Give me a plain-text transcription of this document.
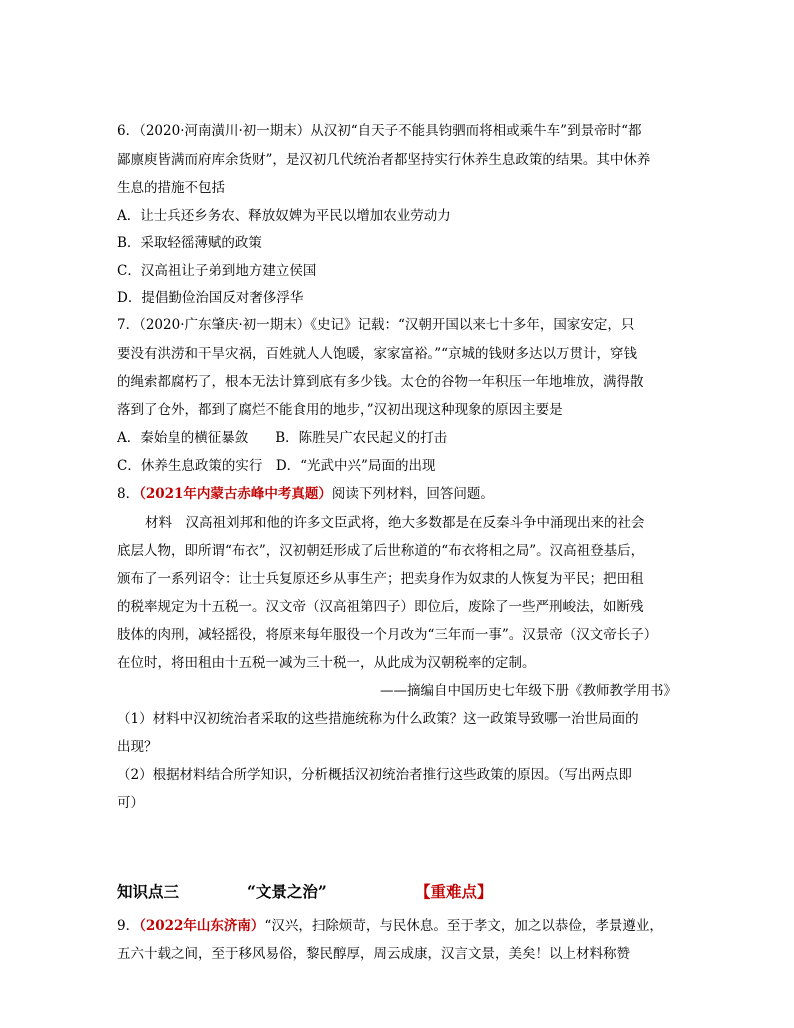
6．（2020·河南潢川·初一期末）从汉初“自天子不能具钧驷而将相或乘牛车”到景帝时“都
鄙廪庾皆满而府库余货财”，是汉初几代统治者都坚持实行休养生息政策的结果。其中休养
生息的措施不包括
A．让士兵还乡务农、释放奴婢为平民以增加农业劳动力
B．采取轻徭薄赋的政策
C．汉高祖让子弟到地方建立侯国
D．提倡勤俭治国反对奢侈浮华
7．（2020·广东肇庆·初一期末）《史记》记载：“汉朝开国以来七十多年，国家安定，只
要没有洪涝和干旱灾祸，百姓就人人饱暖，家家富裕。”“京城的钱财多达以万贯计，穿钱
的绳索都腐朽了，根本无法计算到底有多少钱。太仓的谷物一年积压一年地堆放，满得散
落到了仓外，都到了腐烂不能食用的地步，”汉初出现这种现象的原因主要是
A．秦始皇的横征暴敛　　B．陈胜吴广农民起义的打击
C．休养生息政策的实行　D．“光武中兴”局面的出现
8．（2021年内蒙古赤峰中考真题）阅读下列材料，回答问题。
材料　汉高祖刘邦和他的许多文臣武将，绝大多数都是在反秦斗争中涌现出来的社会
底层人物，即所谓“布衣”，汉初朝廷形成了后世称道的“布衣将相之局”。汉高祖登基后，
颁布了一系列诏令：让士兵复原还乡从事生产；把卖身作为奴隶的人恢复为平民；把田租
的税率规定为十五税一。汉文帝（汉高祖第四子）即位后，废除了一些严刑峻法，如断残
肢体的肉刑，减轻摇役，将原来每年服役一个月改为“三年而一事”。汉景帝（汉文帝长子）
在位时，将田租由十五税一减为三十税一，从此成为汉朝税率的定制。
——摘编自中国历史七年级下册《教师教学用书》
（1）材料中汉初统治者采取的这些措施统称为什么政策？这一政策导致哪一治世局面的
出现？
（2）根据材料结合所学知识，分析概括汉初统治者推行这些政策的原因。（写出两点即
可）
知识点三	“文景之治”	【重难点】
9．（2022年山东济南）“汉兴，扫除烦苛，与民休息。至于孝文，加之以恭俭，孝景遵业，
五六十载之间，至于移风易俗，黎民醇厚，周云成康，汉言文景，美矣！以上材料称赞
